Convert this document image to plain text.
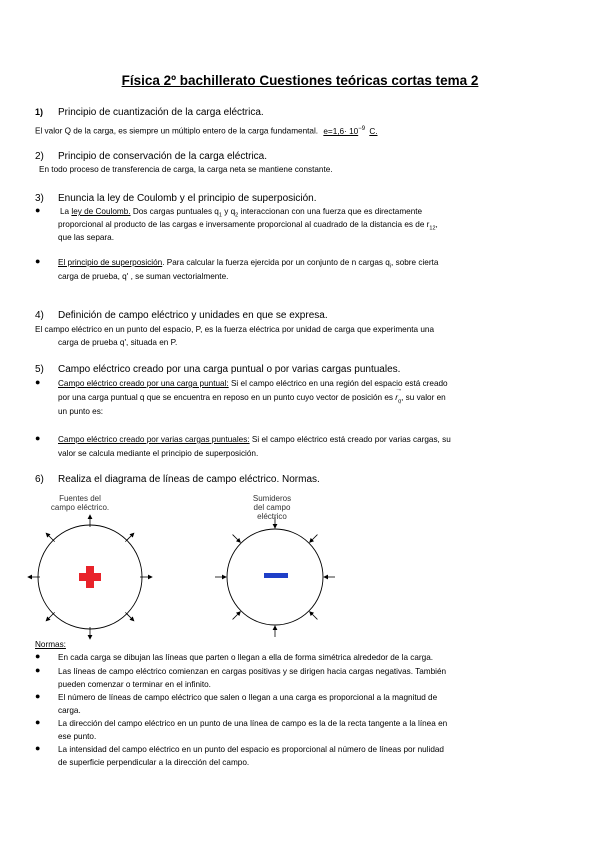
Física 2º bachillerato Cuestiones teóricas cortas tema 2
1) Principio de cuantización de la carga eléctrica.
El valor Q de la carga, es siempre un múltiplo entero de la carga fundamental. $e=1,6\cdot 10^{-9}$ C.
2) Principio de conservación de la carga eléctrica.
En todo proceso de transferencia de carga, la carga neta se mantiene constante.
3) Enuncia la ley de Coulomb y el principio de superposición.
● La ley de Coulomb. Dos cargas puntuales $q_1$ y $q_2$ interaccionan con una fuerza que es directamente
proporcional al producto de las cargas e inversamente proporcional al cuadrado de la distancia es de $r_{12}$,
que las separa.
● El principio de superposición. Para calcular la fuerza ejercida por un conjunto de n cargas $q_i$, sobre cierta
carga de prueba, q' , se suman vectorialmente.
4) Definición de campo eléctrico y unidades en que se expresa.
El campo eléctrico en un punto del espacio, P, es la fuerza eléctrica por unidad de carga que experimenta una
carga de prueba q', situada en P.
5) Campo eléctrico creado por una carga puntual o por varias cargas puntuales.
● Campo eléctrico creado por una carga puntual: Si el campo eléctrico en una región del espacio está creado
por una carga puntual q que se encuentra en reposo en un punto cuyo vector de posición es
→
$r_q$, su valor en
un punto es:
● Campo eléctrico creado por varias cargas puntuales: Si el campo eléctrico está creado por varias cargas, su
valor se calcula mediante el principio de superposición.
6) Realiza el diagrama de líneas de campo eléctrico. Normas.
Fuentes del
campo eléctrico.
Sumideros
del campo
eléctrico
Normas:
● En cada carga se dibujan las líneas que parten o llegan a ella de forma simétrica alrededor de la carga.
● Las líneas de campo eléctrico comienzan en cargas positivas y se dirigen hacia cargas negativas. También
pueden comenzar o terminar en el infinito.
● El número de líneas de campo eléctrico que salen o llegan a una carga es proporcional a la magnitud de
carga.
● La dirección del campo eléctrico en un punto de una línea de campo es la de la recta tangente a la línea en
ese punto.
● La intensidad del campo eléctrico en un punto del espacio es proporcional al número de líneas por nulidad
de superficie perpendicular a la dirección del campo.
